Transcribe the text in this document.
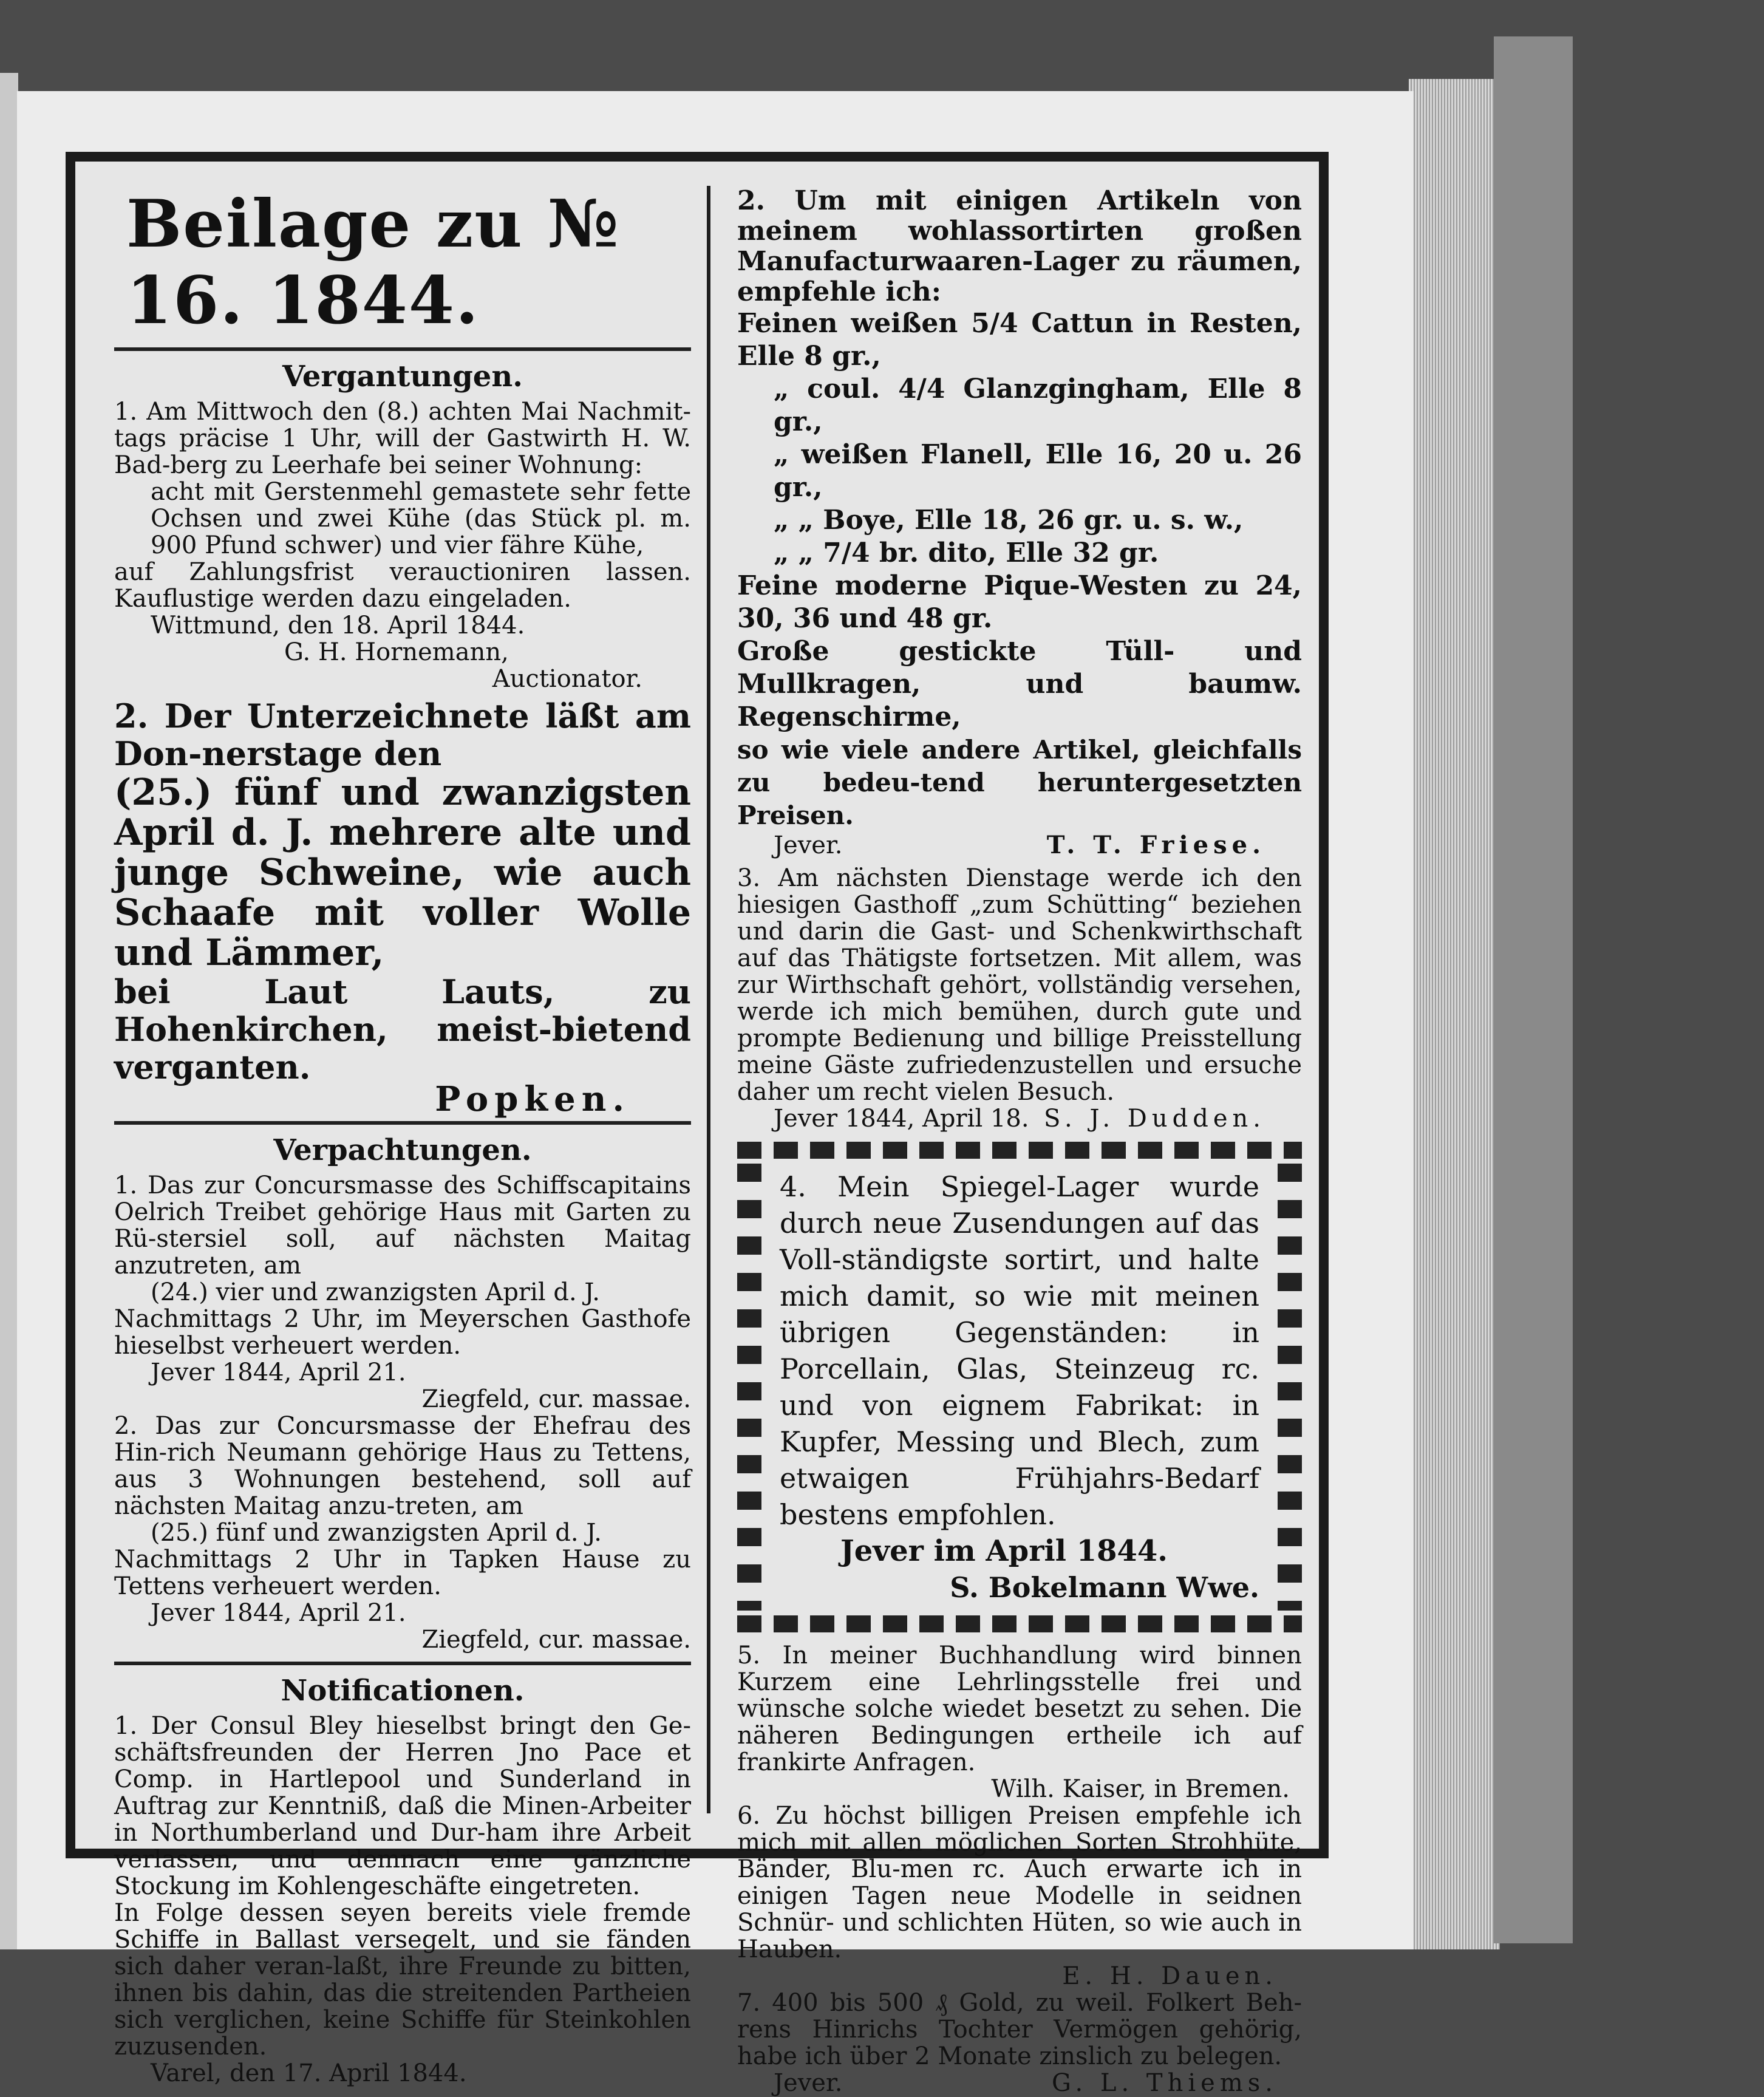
Beilage zu № 16. 1844.
Vergantungen.

1. Am Mittwoch den (8.) achten Mai Nachmit-tags präcise 1 Uhr, will der Gastwirth H. W. Bad-berg zu Leerhafe bei seiner Wohnung:

acht mit Gerstenmehl gemastete sehr fette Ochsen und zwei Kühe (das Stück pl. m. 900 Pfund schwer) und vier fähre Kühe,

auf Zahlungsfrist verauctioniren lassen. Kauflustige werden dazu eingeladen.

Wittmund, den 18. April 1844.

G. H. Hornemann,

Auctionator.

2. Der Unterzeichnete läßt am Don-nerstage den

(25.) fünf und zwanzigsten April d. J. mehrere alte und junge Schweine, wie auch Schaafe mit voller Wolle und Lämmer,

bei Laut Lauts, zu Hohenkirchen, meist-bietend verganten.

Popken.

Verpachtungen.

1. Das zur Concursmasse des Schiffscapitains Oelrich Treibet gehörige Haus mit Garten zu Rü-stersiel soll, auf nächsten Maitag anzutreten, am

(24.) vier und zwanzigsten April d. J.

Nachmittags 2 Uhr, im Meyerschen Gasthofe hieselbst verheuert werden.

Jever 1844, April 21.

Ziegfeld, cur. massae.

2. Das zur Concursmasse der Ehefrau des Hin-rich Neumann gehörige Haus zu Tettens, aus 3 Wohnungen bestehend, soll auf nächsten Maitag anzu-treten, am

(25.) fünf und zwanzigsten April d. J.

Nachmittags 2 Uhr in Tapken Hause zu Tettens verheuert werden.

Jever 1844, April 21.

Ziegfeld, cur. massae.

Notificationen.

1. Der Consul Bley hieselbst bringt den Ge-schäftsfreunden der Herren Jno Pace et Comp. in Hartlepool und Sunderland in Auftrag zur Kenntniß, daß die Minen-Arbeiter in Northumberland und Dur-ham ihre Arbeit verlassen, und demnach eine gänzliche Stockung im Kohlengeschäfte eingetreten.

In Folge dessen seyen bereits viele fremde Schiffe in Ballast versegelt, und sie fänden sich daher veran-laßt, ihre Freunde zu bitten, ihnen bis dahin, das die streitenden Partheien sich verglichen, keine Schiffe für Steinkohlen zuzusenden.

Varel, den 17. April 1844.

2. Um mit einigen Artikeln von meinem wohlassortirten großen Manufacturwaaren-Lager zu räumen, empfehle ich:

Feinen weißen 5/4 Cattun in Resten, Elle 8 gr.,

„ coul. 4/4 Glanzgingham, Elle 8 gr.,

„ weißen Flanell, Elle 16, 20 u. 26 gr.,

„ „ Boye, Elle 18, 26 gr. u. s. w.,

„ „ 7/4 br. dito, Elle 32 gr.

Feine moderne Pique-Westen zu 24, 30, 36 und 48 gr.

Große gestickte Tüll- und Mullkragen, und baumw. Regenschirme,

so wie viele andere Artikel, gleichfalls zu bedeu-tend heruntergesetzten Preisen.

Jever.	T. T. Friese.

3. Am nächsten Dienstage werde ich den hiesigen Gasthoff „zum Schütting“ beziehen und darin die Gast- und Schenkwirthschaft auf das Thätigste fortsetzen. Mit allem, was zur Wirthschaft gehört, vollständig versehen, werde ich mich bemühen, durch gute und prompte Bedienung und billige Preisstellung meine Gäste zufriedenzustellen und ersuche daher um recht vielen Besuch.

Jever 1844, April 18. S. J. Dudden.

4. Mein Spiegel-Lager wurde durch neue Zusendungen auf das Voll-ständigste sortirt, und halte mich damit, so wie mit meinen übrigen Gegenständen: in Porcellain, Glas, Steinzeug rc. und von eignem Fabrikat: in Kupfer, Messing und Blech, zum etwaigen Frühjahrs-Bedarf bestens empfohlen.

Jever im April 1844.

S. Bokelmann Wwe.

5. In meiner Buchhandlung wird binnen Kurzem eine Lehrlingsstelle frei und wünsche solche wiedet besetzt zu sehen. Die näheren Bedingungen ertheile ich auf frankirte Anfragen.

Wilh. Kaiser, in Bremen.

6. Zu höchst billigen Preisen empfehle ich mich mit allen möglichen Sorten Strohhüte, Bänder, Blu-men rc. Auch erwarte ich in einigen Tagen neue Modelle in seidnen Schnür- und schlichten Hüten, so wie auch in Hauben.

E. H. Dauen.

7. 400 bis 500 ₰ Gold, zu weil. Folkert Beh-rens Hinrichs Tochter Vermögen gehörig, habe ich über 2 Monate zinslich zu belegen.

Jever.	G. L. Thiems.
